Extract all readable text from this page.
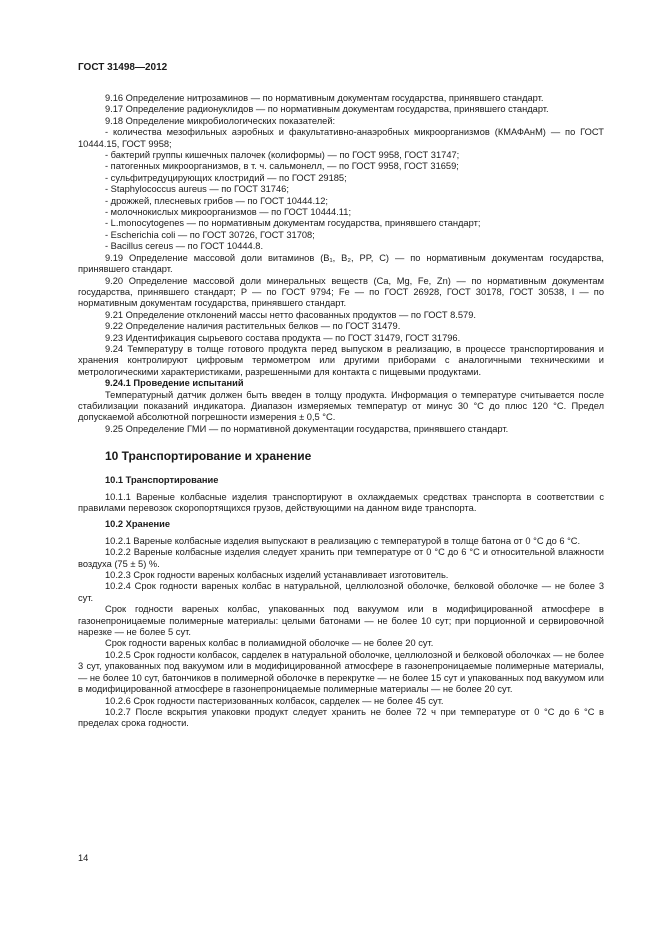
ГОСТ 31498—2012

9.16 Определение нитрозаминов — по нормативным документам государства, принявшего стандарт.

9.17 Определение радионуклидов — по нормативным документам государства, принявшего стандарт.

9.18 Определение микробиологических показателей:

- количества мезофильных аэробных и факультативно-анаэробных микроорганизмов (КМАФАнМ) — по ГОСТ 10444.15, ГОСТ 9958;

- бактерий группы кишечных палочек (колиформы) — по ГОСТ 9958, ГОСТ 31747;

- патогенных микроорганизмов, в т. ч. сальмонелл, — по ГОСТ 9958, ГОСТ 31659;

- сульфитредуцирующих клостридий — по ГОСТ 29185;

- Staphylococcus aureus — по ГОСТ 31746;

- дрожжей, плесневых грибов — по ГОСТ 10444.12;

- молочнокислых микроорганизмов — по ГОСТ 10444.11;

- L.monocytogenes — по нормативным документам государства, принявшего стандарт;

- Escherichia coli — по ГОСТ 30726, ГОСТ 31708;

- Bacillus cereus — по ГОСТ 10444.8.

9.19 Определение массовой доли витаминов (B₁, B₂, PP, C) — по нормативным документам государства, принявшего стандарт.

9.20 Определение массовой доли минеральных веществ (Ca, Mg, Fe, Zn) — по нормативным документам государства, принявшего стандарт; P — по ГОСТ 9794; Fe — по ГОСТ 26928, ГОСТ 30178, ГОСТ 30538, I — по нормативным документам государства, принявшего стандарт.

9.21 Определение отклонений массы нетто фасованных продуктов — по ГОСТ 8.579.

9.22 Определение наличия растительных белков — по ГОСТ 31479.

9.23 Идентификация сырьевого состава продукта — по ГОСТ 31479, ГОСТ 31796.

9.24 Температуру в толще готового продукта перед выпуском в реализацию, в процессе транспортирования и хранения контролируют цифровым термометром или другими приборами с аналогичными техническими и метрологическими характеристиками, разрешенными для контакта с пищевыми продуктами.

9.24.1 Проведение испытаний

Температурный датчик должен быть введен в толщу продукта. Информация о температуре считывается после стабилизации показаний индикатора. Диапазон измеряемых температур от минус 30 °С до плюс 120 °С. Предел допускаемой абсолютной погрешности измерения ± 0,5 °С.

9.25 Определение ГМИ — по нормативной документации государства, принявшего стандарт.

10 Транспортирование и хранение

10.1 Транспортирование

10.1.1 Вареные колбасные изделия транспортируют в охлаждаемых средствах транспорта в соответствии с правилами перевозок скоропортящихся грузов, действующими на данном виде транспорта.

10.2 Хранение

10.2.1 Вареные колбасные изделия выпускают в реализацию с температурой в толще батона от 0 °С до 6 °С.

10.2.2 Вареные колбасные изделия следует хранить при температуре от 0 °С до 6 °С и относительной влажности воздуха (75 ± 5) %.

10.2.3 Срок годности вареных колбасных изделий устанавливает изготовитель.

10.2.4 Срок годности вареных колбас в натуральной, целлюлозной оболочке, белковой оболочке — не более 3 сут.

Срок годности вареных колбас, упакованных под вакуумом или в модифицированной атмосфере в газонепроницаемые полимерные материалы: целыми батонами — не более 10 сут; при порционной и сервировочной нарезке — не более 5 сут.

Срок годности вареных колбас в полиамидной оболочке — не более 20 сут.

10.2.5 Срок годности колбасок, сарделек в натуральной оболочке, целлюлозной и белковой оболочках — не более 3 сут, упакованных под вакуумом или в модифицированной атмосфере в газонепроницаемые полимерные материалы, — не более 10 сут, батончиков в полимерной оболочке в перекрутке — не более 15 сут и упакованных под вакуумом или в модифицированной атмосфере в газонепроницаемые полимерные материалы — не более 20 сут.

10.2.6 Срок годности пастеризованных колбасок, сарделек — не более 45 сут.

10.2.7 После вскрытия упаковки продукт следует хранить не более 72 ч при температуре от 0 °С до 6 °С в пределах срока годности.

14
